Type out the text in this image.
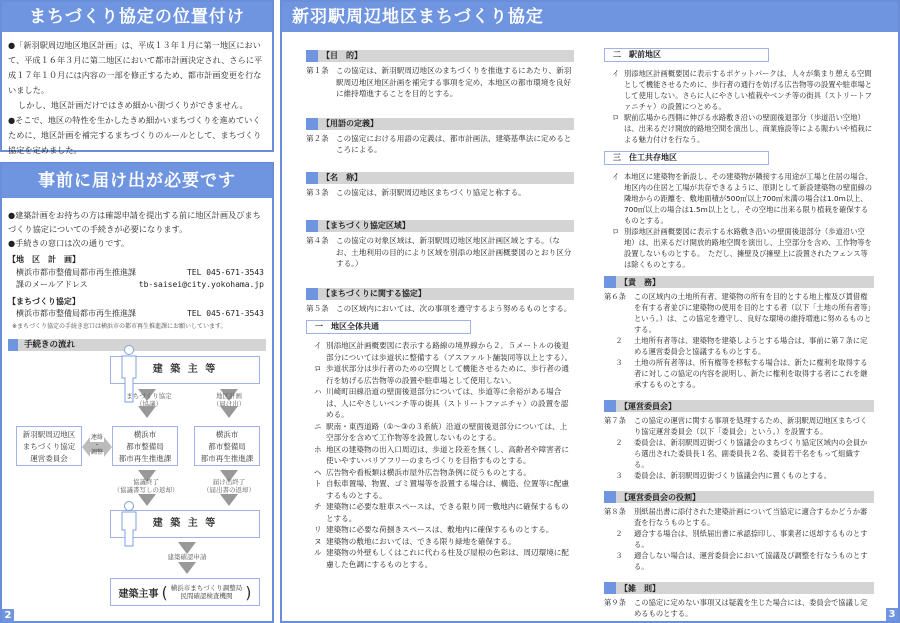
まちづくり協定の位置付け

●「新羽駅周辺地区地区計画」は、平成１３年１月に第一地区において、平成１６年３月に第二地区において都市計画決定され、さらに平成１７年１０月には内容の一部を修正するため、都市計画変更を行ないました。

しかし、地区計画だけではきめ細かい街づくりができません。

●そこで、地区の特性を生かしたきめ細かいまちづくりを進めていくために、地区計画を補完するまちづくりのルールとして、まちづくり協定を定めました。

事前に届け出が必要です

●建築計画をお持ちの方は確認申請を提出する前に地区計画及びまちづくり協定についての手続きが必要になります。

●手続きの窓口は次の通りです。

【地　区　計　画】
横浜市都市整備局都市再生推進課	TEL 045-671-3543
課のメールアドレス	tb-saisei@city.yokohama.jp
【まちづくり協定】
横浜市都市整備局都市再生推進課	TEL 045-671-3543
※まちづくり協定の手続き窓口は横浜市の都市再生推進課にお願いしています。
手続きの流れ
建 築 主 等
まちづくり協定
（協議）
地区計画
（届け出）
新羽駅周辺地区
まちづくり協定
運営委員会
連絡
・
調整
横浜市
都市整備局
都市再生推進課
横浜市
都市整備局
都市再生推進課
協議終了
（協議書写しの返却）
届け出終了
（届出書の返却）
建 築 主 等
建築確認申請
建築主事 ( 横浜市まちづくり調整局
民間確認検査機関 )
2
新羽駅周辺地区まちづくり協定
【目　的】
第１条 この協定は、新羽駅周辺地区のまちづくりを推進するにあたり、新羽駅周辺地区地区計画を補完する事項を定め、本地区の都市環境を良好に維持増進することを目的とする。
【用語の定義】
第２条 この協定における用語の定義は、都市計画法、建築基準法に定めるところによる。
【名　称】
第３条 この協定は、新羽駅周辺地区まちづくり協定と称する。
【まちづくり協定区域】
第４条 この協定の対象区域は、新羽駅周辺地区地区計画区域とする。（なお、土地利用の目的により区域を別添の地区計画概要図のとおり区分する。）
【まちづくりに関する協定】
第５条 この区域内においては、次の事項を遵守するよう努めるものとする。
一　地区全体共通
イ 別添地区計画概要図に表示する路線の境界線から２．５メートルの後退部分については歩道状に整備する（アスファルト舗装同等以上とする）。
ロ 歩道状部分は歩行者のための空間として機能させるために、歩行者の通行を妨げる広告物等の設置や駐車場として使用しない。
ハ 川崎町田線沿道の壁面後退部分については、歩道等に余裕がある場合は、人にやさしいベンチ等の街具（ストリートファニチャ）の設置を認める。
ニ 駅南・東西道路（①～③の３系統）沿道の壁面後退部分については、上空部分を含めて工作物等を設置しないものとする。
ホ 地区の建築物の出入口周辺は、歩道と段差を無くし、高齢者や障害者に使いやすいバリアフリーのまちづくりを目指すものとする。
ヘ 広告物や看板類は横浜市屋外広告物条例に従うものとする。
ト 自転車置場、物置、ゴミ置場等を設置する場合は、構造、位置等に配慮するものとする。
チ 建築物に必要な駐車スペースは、できる限り同一敷地内に確保するものとする。
リ 建築物に必要な荷捌きスペースは、敷地内に確保するものとする。
ヌ 建築物の敷地においては、できる限り緑地を確保する。
ル 建築物の外壁もしくはこれに代わる柱及び屋根の色彩は、周辺環境に配慮した色調にするものとする。
二　駅前地区
イ 別添地区計画概要図に表示するポケットパークは、人々が集まり憩える空間として機能させるために、歩行者の通行を妨げる広告物等の設置や駐車場として使用しない。さらに人にやさしい植栽やベンチ等の街具（ストリートファニチャ）の設置につとめる。
ロ 駅前広場から西側に伸びる水路敷き沿いの壁面後退部分（歩道沿い空地）は、出来るだけ開放的路地空間を演出し、商業施設等による賑わいや植栽による魅力付けを行なう。
三　住工共存地区
イ 本地区に建築物を新設し、その建築物が隣接する用途が工場と住居の場合、地区内の住居と工場が共存できるように、原則として新設建築物の壁面線の隣地からの距離を、敷地面積が500㎡以上700㎡未満の場合は1.0m以上、700㎡以上の場合は1.5m以上とし、その空地に出来る限り植栽を確保するものとする。
ロ 別添地区計画概要図に表示する水路敷き沿いの壁面後退部分（歩道沿い空地）は、出来るだけ開放的路地空間を演出し、上空部分を含め、工作物等を設置しないものとする。　ただし、擁壁及び擁壁上に設置されたフェンス等は除くものとする。
【責　務】
第６条	この区域内の土地所有者、建築物の所有を目的とする地上権及び賃借権を有する者並びに建築物の使用を目的とする者（以下「土地の所有者等」という。）は、この協定を遵守し、良好な環境の維持増進に努めるものとする。
２	土地所有者等は、建築物を建築しようとする場合は、事前に第７条に定める運営委員会と協議するものとする。
３	土地の所有者等は、所有権等を移転する場合は、新たに権利を取得する者に対しこの協定の内容を説明し、新たに権利を取得する者にこれを継承するものとする。
【運営委員会】
第７条	この協定の運営に関する事項を処理するため、新羽駅周辺地区まちづくり協定運営委員会（以下「委員会」という。）を設置する。
２	委員会は、新羽駅周辺街づくり協議会のまちづくり協定区域内の会員から選出された委員長１名、副委員長２名、委員若干名をもって組織する。
３	委員会は、新羽駅周辺街づくり協議会内に置くものとする。
【運営委員会の役割】
第８条	別紙届出書に添付された建築計画について当協定に適合するかどうか審査を行なうものとする。
２	適合する場合は、別紙届出書に承認捺印し、事業者に返却するものとする。
３	適合しない場合は、運営委員会において協議及び調整を行なうものとする。
【雑　則】
第９条	この協定に定めない事項又は疑義を生じた場合には、委員会で協議し定めるものとする。	3
